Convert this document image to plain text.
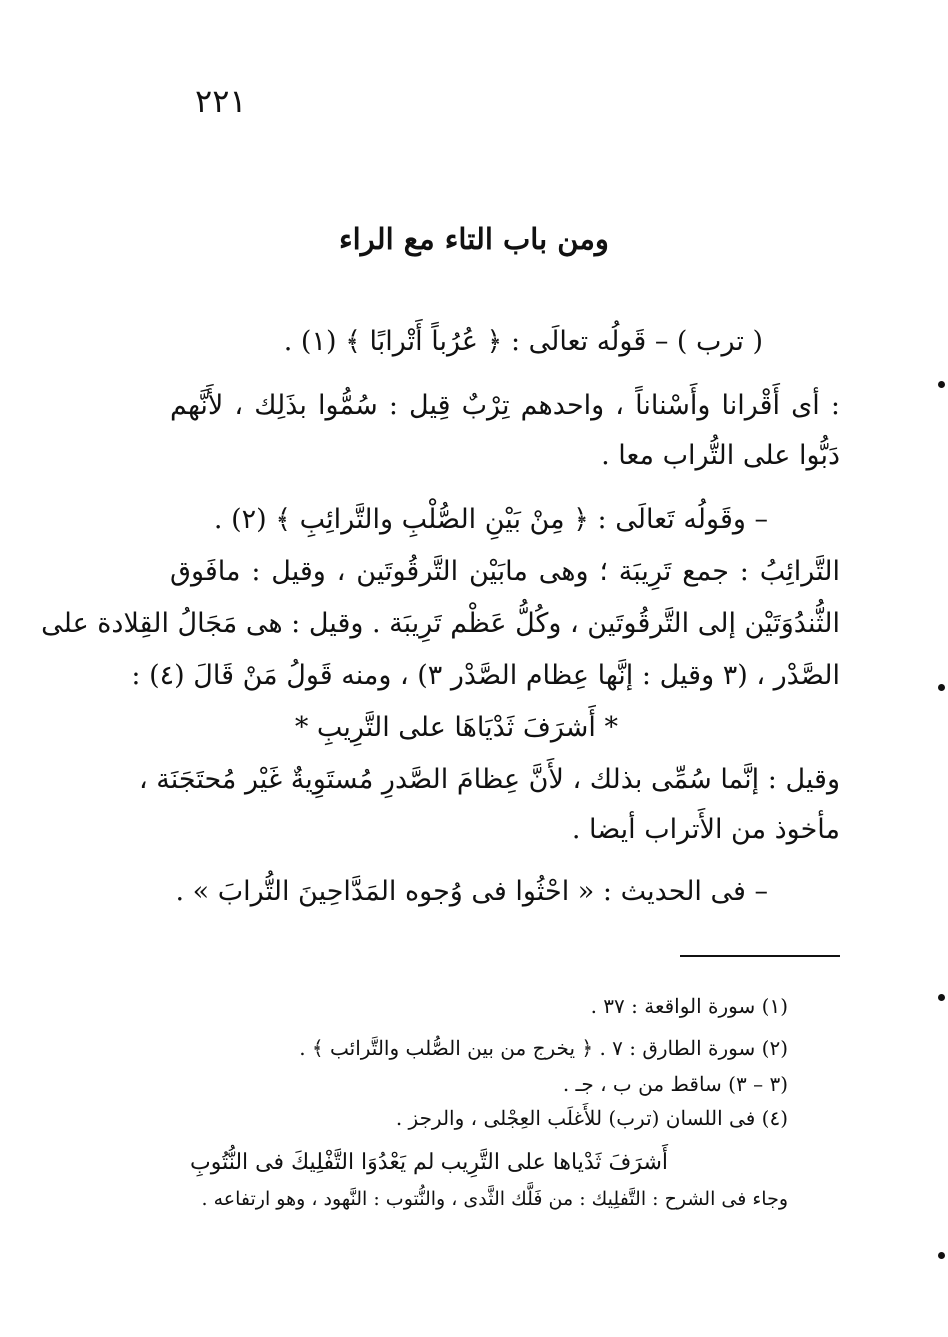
٢٢١
ومن باب التاء مع الراء
( ترب ) – قَولُه تعالَى : ﴿ عُرُباً أَتْرابًا ﴾ (١) .
: أى أَقْرانا وأَسْناناً ، واحدهم تِرْبٌ قِيل : سُمُّوا بذَلِك ، لأَنَّهم
دَبُّوا على التُّراب معا .
– وقَولُه تَعالَى : ﴿ مِنْ بَيْنِ الصُّلْبِ والتَّرائِبِ ﴾ (٢) .
التَّرائِبُ : جمع تَرِيبَة ؛ وهى مابَيْن التَّرقُوتَين ، وقيل : مافَوق
الثُّندُوَتَيْن إلى التَّرقُوتَين ، وكُلُّ عَظْم تَرِيبَة . وقيل : هى مَجَالُ القِلادة على
الصَّدْر ، (٣ وقيل : إنَّها عِظام الصَّدْر ٣) ، ومنه قَولُ مَنْ قَالَ (٤) :
* أَشرَفَ ثَدْيَاهَا على التَّرِيبِ *
وقيل : إنَّما سُمِّى بذلك ، لأَنَّ عِظامَ الصَّدرِ مُستَوِيةٌ غَيْر مُحتَجَنَة ،
مأخوذ من الأَتراب أيضا .
– فى الحديث : « احْثُوا فى وُجوه المَدَّاحِينَ التُّرابَ » .
(١) سورة الواقعة : ٣٧ .
(٢) سورة الطارق : ٧ . ﴿ يخرج من بين الصُّلب والتَّرائب ﴾ .
(٣ – ٣) ساقط من ب ، جـ .
(٤) فى اللسان (ترب) للأَغلَب العِجْلى ، والرجز .
أَشرَفَ ثَدْياها على التَّرِيب
لم يَعْدُوَا التَّفْلِيكَ فى النُّتُوبِ
وجاء فى الشرح : التَّفلِيك : من فَلَّك الثَّدى ، والنُّتوب : النَّهود ، وهو ارتفاعه .
